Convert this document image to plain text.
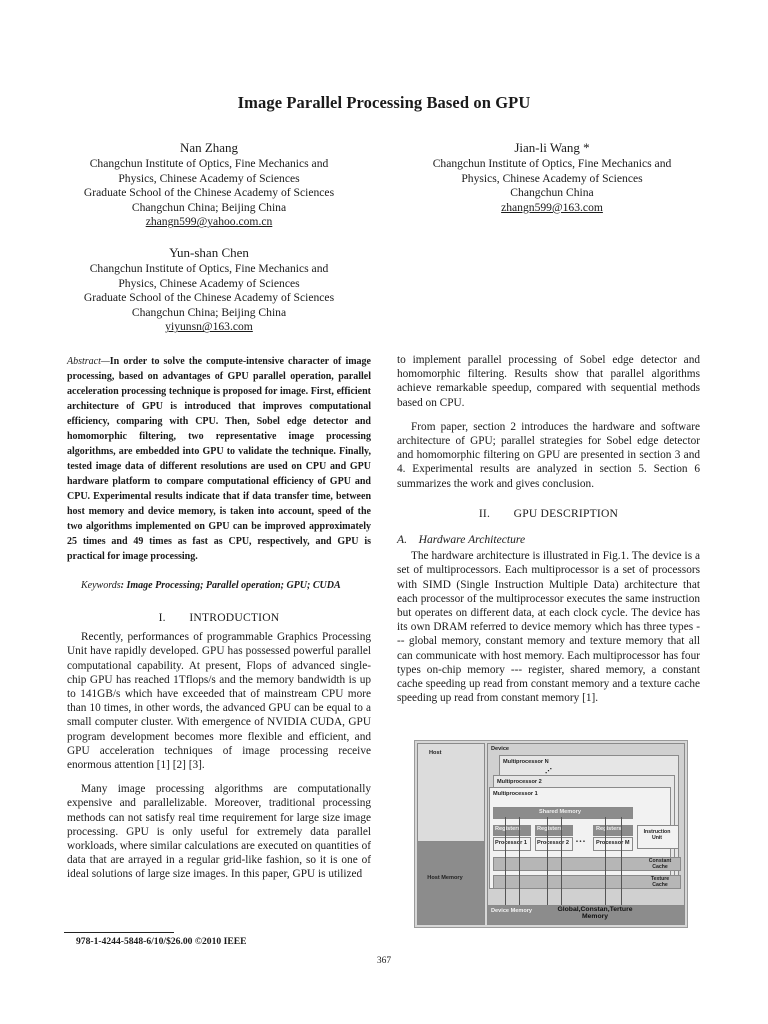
Image Parallel Processing Based on GPU
Nan Zhang
Changchun Institute of Optics, Fine Mechanics and
Physics, Chinese Academy of Sciences
Graduate School of the Chinese Academy of Sciences
Changchun China; Beijing China
zhangn599@yahoo.com.cn
Jian-li Wang *
Changchun Institute of Optics, Fine Mechanics and
Physics, Chinese Academy of Sciences
Changchun China
zhangn599@163.com
Yun-shan Chen
Changchun Institute of Optics, Fine Mechanics and
Physics, Chinese Academy of Sciences
Graduate School of the Chinese Academy of Sciences
Changchun China; Beijing China
yiyunsn@163.com

Abstract—In order to solve the compute-intensive character of image processing, based on advantages of GPU parallel operation, parallel acceleration processing technique is proposed for image. First, efficient architecture of GPU is introduced that improves computational efficiency, comparing with CPU. Then, Sobel edge detector and homomorphic filtering, two representative image processing algorithms, are embedded into GPU to validate the technique. Finally, tested image data of different resolutions are used on CPU and GPU hardware platform to compare computational efficiency of GPU and CPU. Experimental results indicate that if data transfer time, between host memory and device memory, is taken into account, speed of the two algorithms implemented on GPU can be improved approximately 25 times and 49 times as fast as CPU, respectively, and GPU is practical for image processing.

Keywords: Image Processing; Parallel operation; GPU; CUDA

I.  INTRODUCTION

Recently, performances of programmable Graphics Processing Unit have rapidly developed. GPU has possessed powerful parallel computational capability. At present, Flops of advanced single-chip GPU has reached 1Tflops/s and the memory bandwidth is up to 141GB/s which have exceeded that of mainstream CPU more than 10 times, in other words, the advanced GPU can be equal to a small computer cluster. With emergence of NVIDIA CUDA, GPU program development becomes more flexible and efficient, and GPU acceleration techniques of image processing receive enormous attention [1] [2] [3].

Many image processing algorithms are computationally expensive and parallelizable. Moreover, traditional processing methods can not satisfy real time requirement for large size image processing. GPU is only useful for extremely data parallel workloads, where similar calculations are executed on quantities of data that are arrayed in a regular grid-like fashion, so it is one of ideal solutions of large size images. In this paper, GPU is utilized

to implement parallel processing of Sobel edge detector and homomorphic filtering. Results show that parallel algorithms achieve remarkable speedup, compared with sequential methods based on CPU.

From paper, section 2 introduces the hardware and software architecture of GPU; parallel strategies for Sobel edge detector and homomorphic filtering on GPU are presented in section 3 and 4. Experimental results are analyzed in section 5. Section 6 summarizes the work and gives conclusion.

II.  GPU DESCRIPTION

A. Hardware Architecture

The hardware architecture is illustrated in Fig.1. The device is a set of multiprocessors. Each multiprocessor is a set of processors with SIMD (Single Instruction Multiple Data) architecture that each processor of the multiprocessor executes the same instruction but operates on different data, at each clock cycle. The device has its own DRAM referred to device memory which has three types --- global memory, constant memory and texture memory that all can communicate with host memory. Each multiprocessor has four types on-chip memory --- register, shared memory, a constant cache speeding up read from constant memory and a texture cache speeding up read from constant memory [1].

Host
Host Memory
Device
Multiprocessor N
⋰
Multiprocessor 2
Multiprocessor 1
Shared Memory
Registers	Registers	Registers
Processor 1 Processor 2 • • • Processor M
Instruction Unit
Constant Cache
Texture Cache
Device Memory	Global,Constan,Terture Memory
978-1-4244-5848-6/10/$26.00 ©2010 IEEE
367
